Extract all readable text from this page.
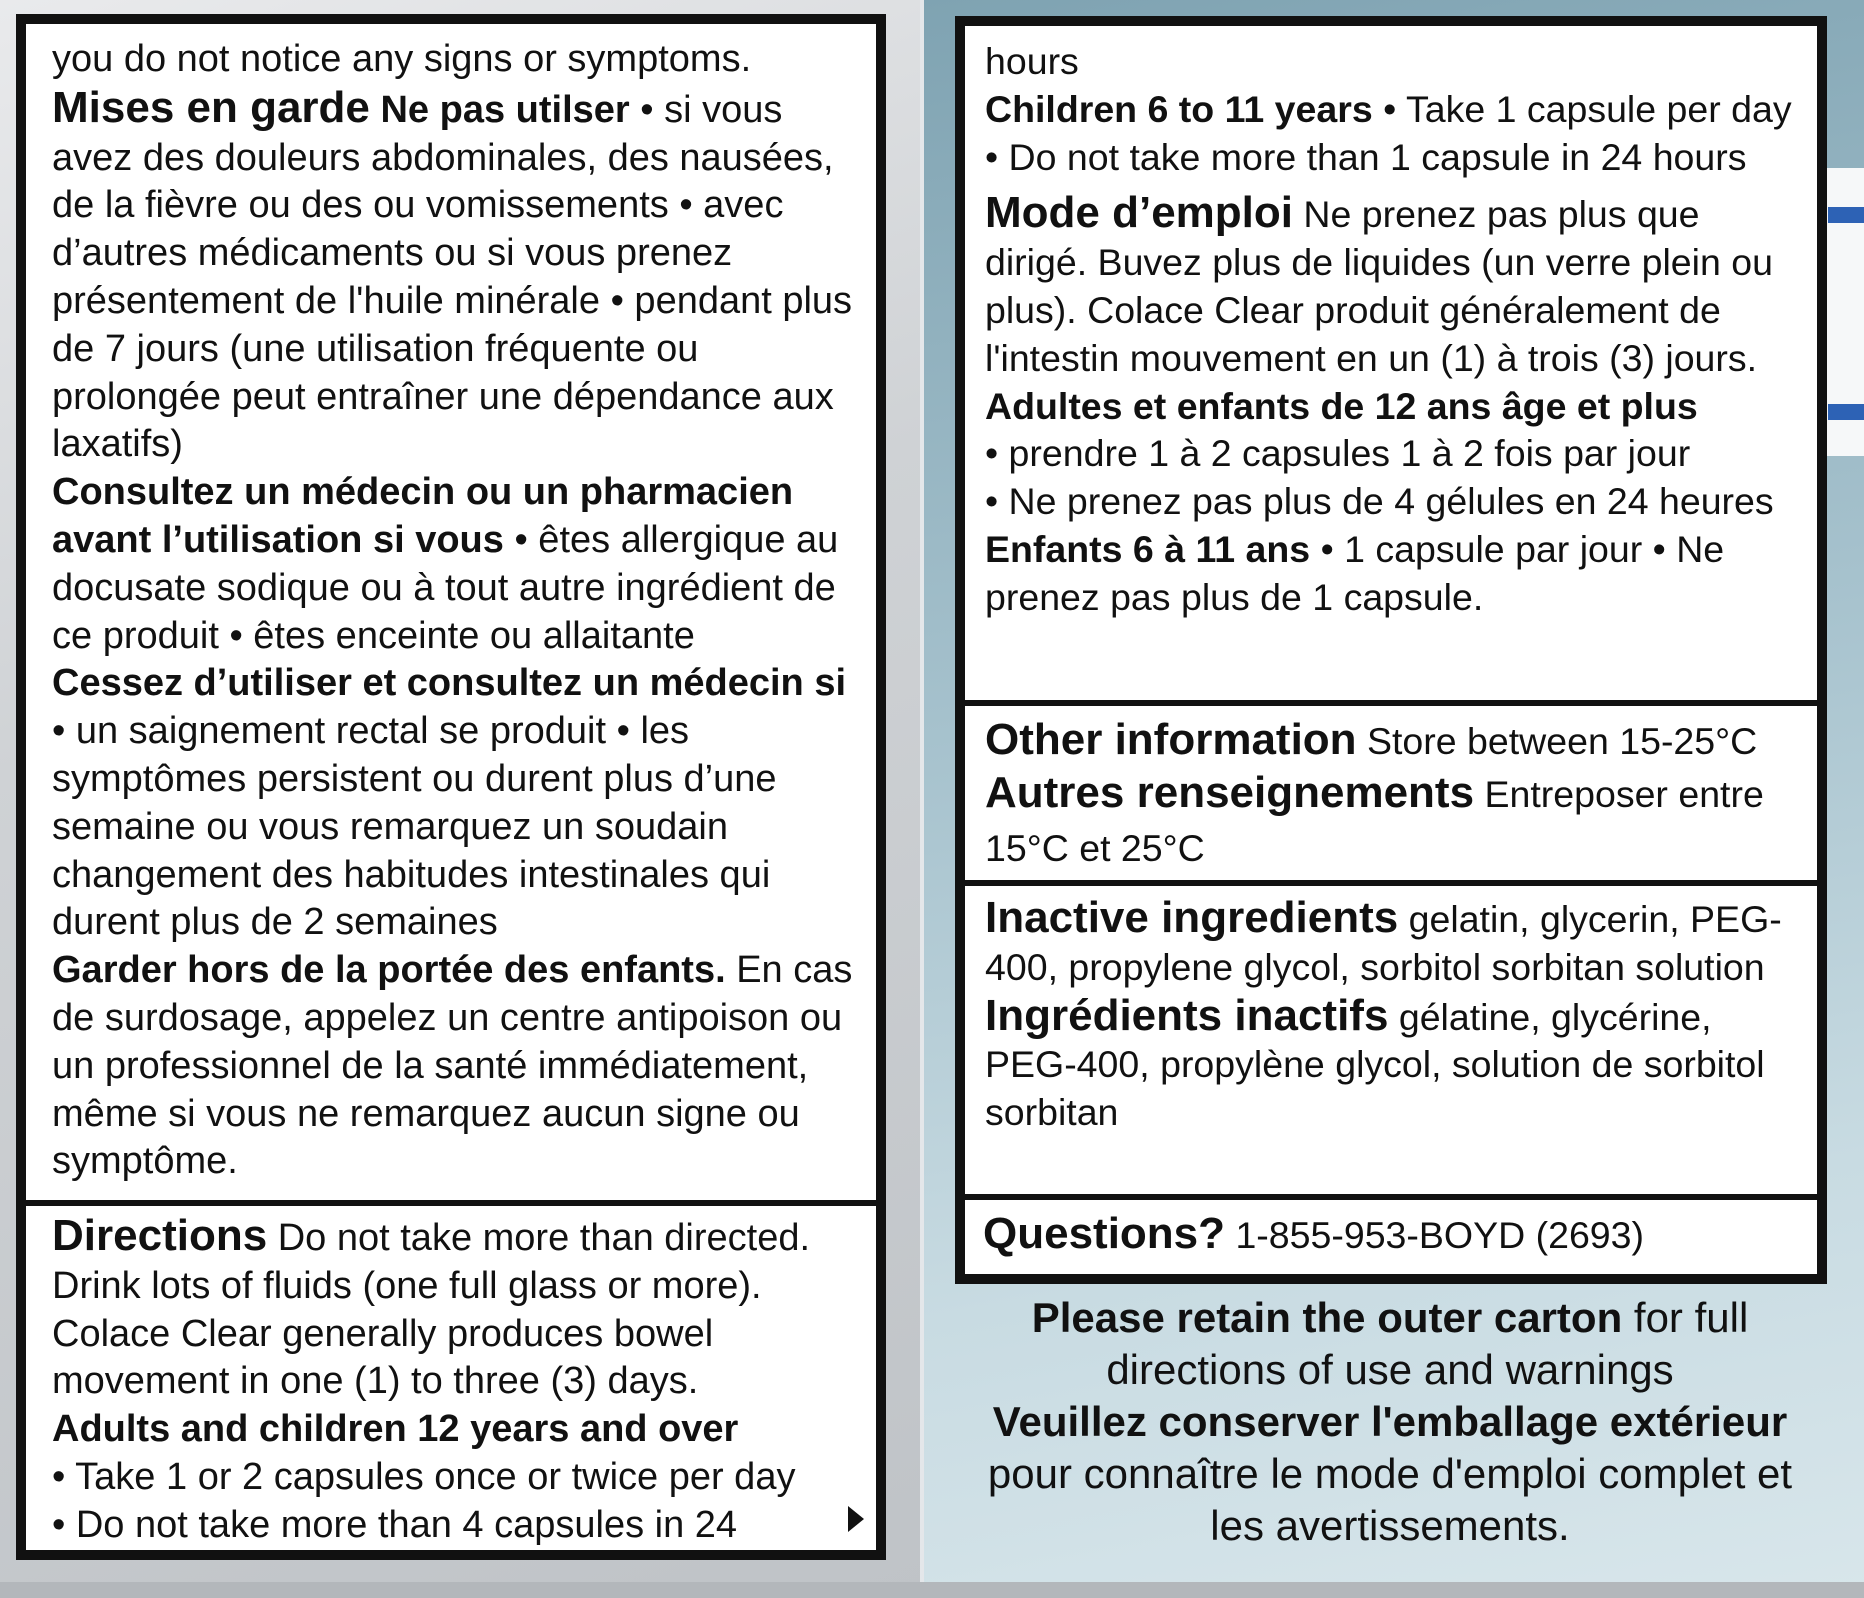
you do not notice any signs or symptoms.

Mises en garde Ne pas utilser • si vous avez des douleurs abdominales, des nausées, de la fièvre ou des ou vomissements • avec d’autres médicaments ou si vous prenez présentement de l'huile minérale • pendant plus de 7 jours (une utilisation fréquente ou prolongée peut entraîner une dépendance aux laxatifs)

Consultez un médecin ou un pharmacien avant l’utilisation si vous • êtes allergique au docusate sodique ou à tout autre ingrédient de ce produit • êtes enceinte ou allaitante

Cessez d’utiliser et consultez un médecin si • un saignement rectal se produit • les symptômes persistent ou durent plus d’une semaine ou vous remarquez un soudain changement des habitudes intestinales qui durent plus de 2 semaines

Garder hors de la portée des enfants. En cas de surdosage, appelez un centre antipoison ou un professionnel de la santé immédiatement, même si vous ne remarquez aucun signe ou symptôme.

Directions Do not take more than directed. Drink lots of fluids (one full glass or more). Colace Clear generally produces bowel movement in one (1) to three (3) days.

Adults and children 12 years and over

• Take 1 or 2 capsules once or twice per day

• Do not take more than 4 capsules in 24

hours

Children 6 to 11 years • Take 1 capsule per day • Do not take more than 1 capsule in 24 hours

Mode d’emploi Ne prenez pas plus que dirigé. Buvez plus de liquides (un verre plein ou plus). Colace Clear produit généralement de l'intestin mouvement en un (1) à trois (3) jours.

Adultes et enfants de 12 ans âge et plus

• prendre 1 à 2 capsules 1 à 2 fois par jour

• Ne prenez pas plus de 4 gélules en 24 heures

Enfants 6 à 11 ans • 1 capsule par jour • Ne prenez pas plus de 1 capsule.

Other information Store between 15-25°C

Autres renseignements Entreposer entre 15°C et 25°C

Inactive ingredients gelatin, glycerin, PEG-400, propylene glycol, sorbitol sorbitan solution

Ingrédients inactifs gélatine, glycérine, PEG-400, propylène glycol, solution de sorbitol sorbitan

Questions? 1-855-953-BOYD (2693)

Please retain the outer carton for full directions of use and warnings
Veuillez conserver l'emballage extérieur pour connaître le mode d'emploi complet et les avertissements.
